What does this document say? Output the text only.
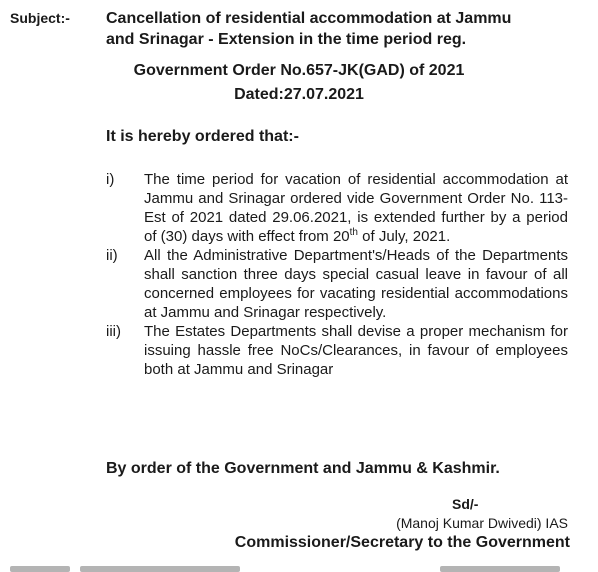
Subject:- Cancellation of residential accommodation at Jammu
and Srinagar - Extension in the time period reg.
Government Order No.657-JK(GAD) of 2021
Dated:27.07.2021
It is hereby ordered that:-
i) The time period for vacation of residential accommodation at Jammu and Srinagar ordered vide Government Order No. 113-Est of 2021 dated 29.06.2021, is extended further by a period of (30) days with effect from 20th of July, 2021.
ii) All the Administrative Department's/Heads of the Departments shall sanction three days special casual leave in favour of all concerned employees for vacating residential accommodations at Jammu and Srinagar respectively.
iii) The Estates Departments shall devise a proper mechanism for issuing hassle free NoCs/Clearances, in favour of employees both at Jammu and Srinagar
By order of the Government and Jammu & Kashmir.
Sd/-
(Manoj Kumar Dwivedi) IAS
Commissioner/Secretary to the Government
